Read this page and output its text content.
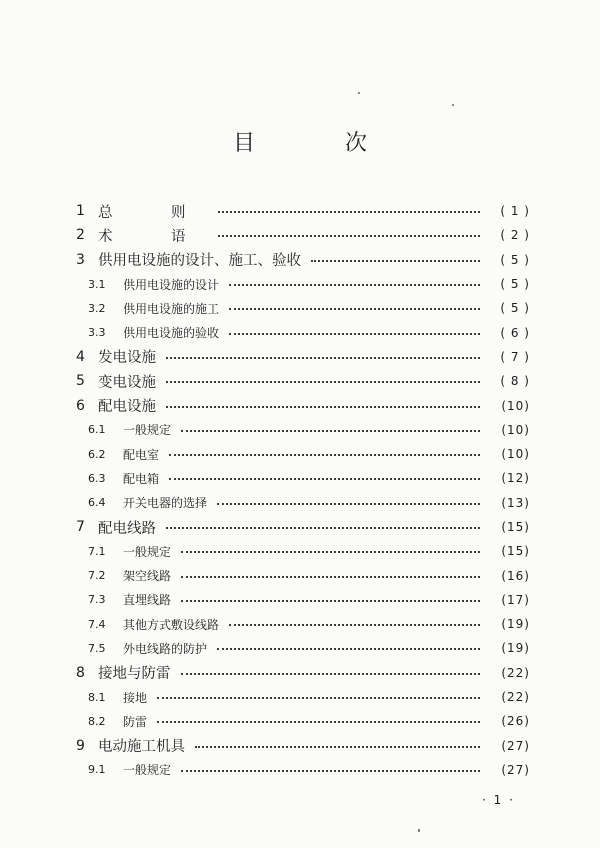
目　次
1 总　则	( 1 )
2 术　语	( 2 )
3 供用电设施的设计、施工、验收	( 5 )
3.1	供用电设施的设计	( 5 )
3.2	供用电设施的施工	( 5 )
3.3	供用电设施的验收	( 6 )
4 发电设施	( 7 )
5 变电设施	( 8 )
6 配电设施	(10)
6.1	一般规定	(10)
6.2	配电室	(10)
6.3	配电箱	(12)
6.4	开关电器的选择	(13)
7 配电线路	(15)
7.1	一般规定	(15)
7.2	架空线路	(16)
7.3	直埋线路	(17)
7.4	其他方式敷设线路	(19)
7.5	外电线路的防护	(19)
8 接地与防雷	(22)
8.1	接地	(22)
8.2	防雷	(26)
9 电动施工机具	(27)
9.1	一般规定	(27)
· 1 ·
